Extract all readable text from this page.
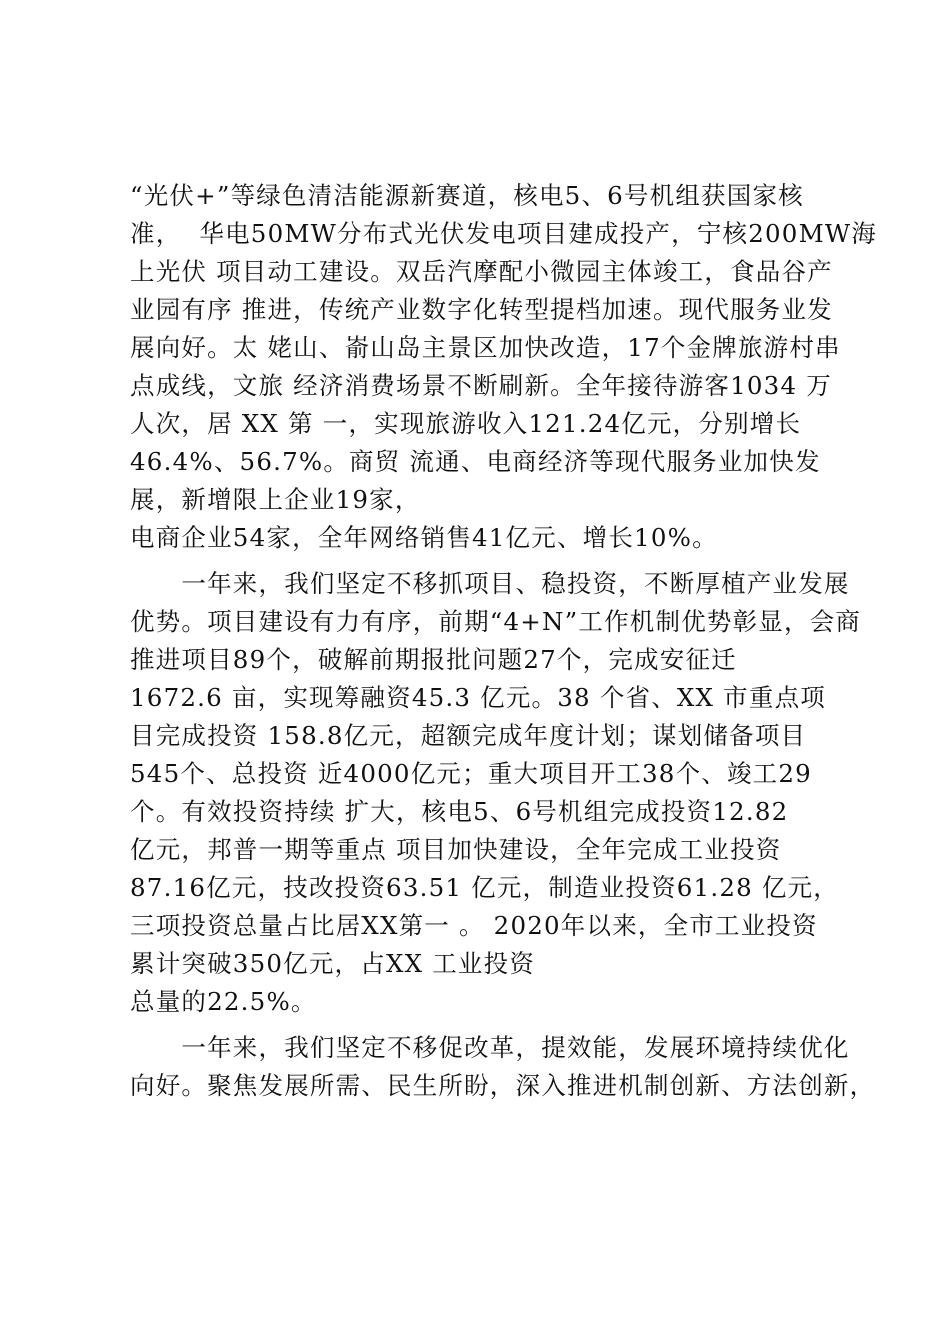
“光伏+”等绿色清洁能源新赛道，核电5、6号机组获国家核
准，  华电50MW分布式光伏发电项目建成投产，宁核200MW海
上光伏 项目动工建设。双岳汽摩配小微园主体竣工，食品谷产
业园有序 推进，传统产业数字化转型提档加速。现代服务业发
展向好。太 姥山、嵛山岛主景区加快改造，17个金牌旅游村串
点成线，文旅 经济消费场景不断刷新。全年接待游客1034 万
人次，居 XX 第 一，实现旅游收入121.24亿元，分别增长
46.4%、56.7%。商贸 流通、电商经济等现代服务业加快发
展，新增限上企业19家，
电商企业54家，全年网络销售41亿元、增长10%。
　　一年来，我们坚定不移抓项目、稳投资，不断厚植产业发展
优势。项目建设有力有序，前期“4+N”工作机制优势彰显，会商
推进项目89个，破解前期报批问题27个，完成安征迁
1672.6 亩，实现筹融资45.3 亿元。38 个省、XX 市重点项
目完成投资 158.8亿元，超额完成年度计划；谋划储备项目
545个、总投资 近4000亿元；重大项目开工38个、竣工29
个。有效投资持续 扩大，核电5、6号机组完成投资12.82
亿元，邦普一期等重点 项目加快建设，全年完成工业投资
87.16亿元，技改投资63.51 亿元，制造业投资61.28 亿元，
三项投资总量占比居XX第一 。 2020年以来，全市工业投资
累计突破350亿元，占XX 工业投资
总量的22.5%。
　　一年来，我们坚定不移促改革，提效能，发展环境持续优化
向好。聚焦发展所需、民生所盼，深入推进机制创新、方法创新，
